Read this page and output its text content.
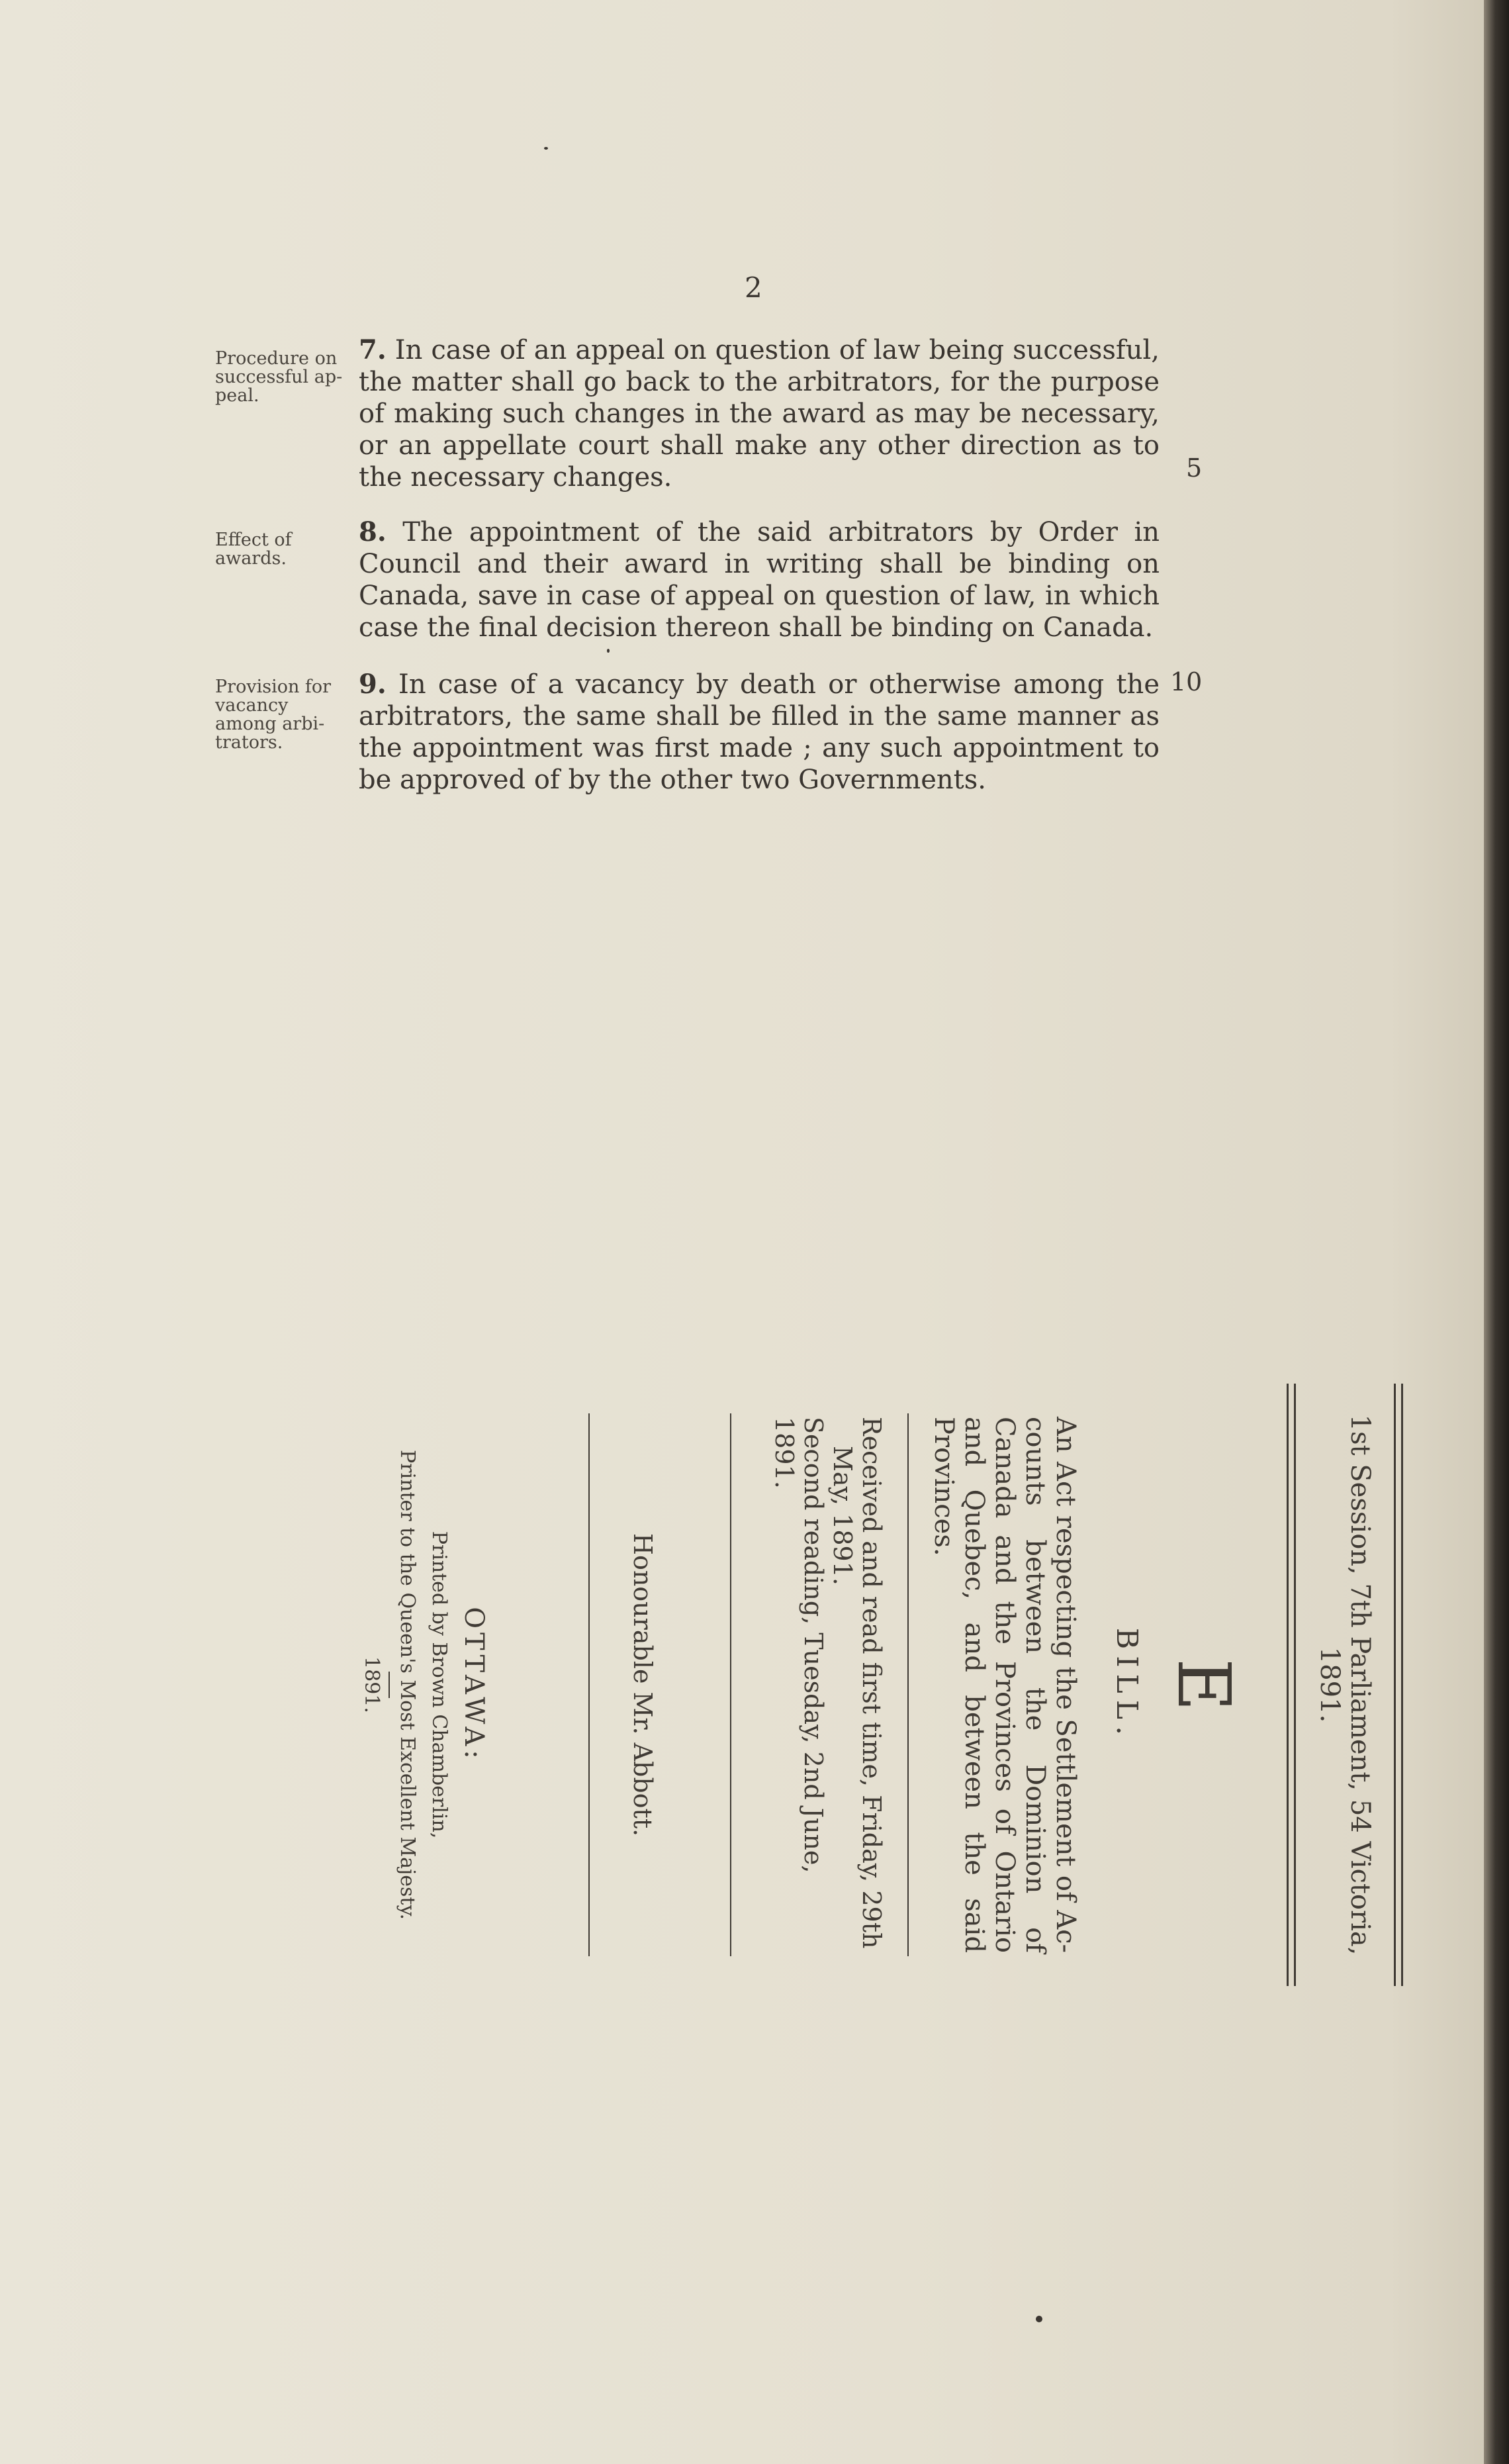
2
Procedure on successful ap- peal.
7. In case of an appeal on question of law being successful, the matter shall go back to the arbitrators, for the purpose of making such changes in the award as may be necessary, or an appellate court shall make any other direction as to the necessary changes.	5
Effect of awards.
8. The appointment of the said arbitrators by Order in Council and their award in writing shall be binding on Canada, save in case of appeal on question of law, in which case the final decision thereon shall be binding on Canada.
Provision for vacancy among arbi- trators.
9. In case of a vacancy by death or otherwise among the arbitrators, the same shall be filled in the same manner as the appointment was first made ; any such appointment to be approved of by the other two Governments.
10
1st Session, 7th Parliament, 54 Victoria, 1891.
E
BILL.
An Act respecting the Settlement of Ac- counts between the Dominion of Canada and the Provinces of Ontario and Quebec, and between the said Provinces.
Received and read first time, Friday, 29th
May, 1891.
Second reading, Tuesday, 2nd June, 1891.
Honourable Mr. Abbott.
OTTAWA:
Printed by Brown Chamberlin,
Printer to the Queen's Most Excellent Majesty.
1891.
